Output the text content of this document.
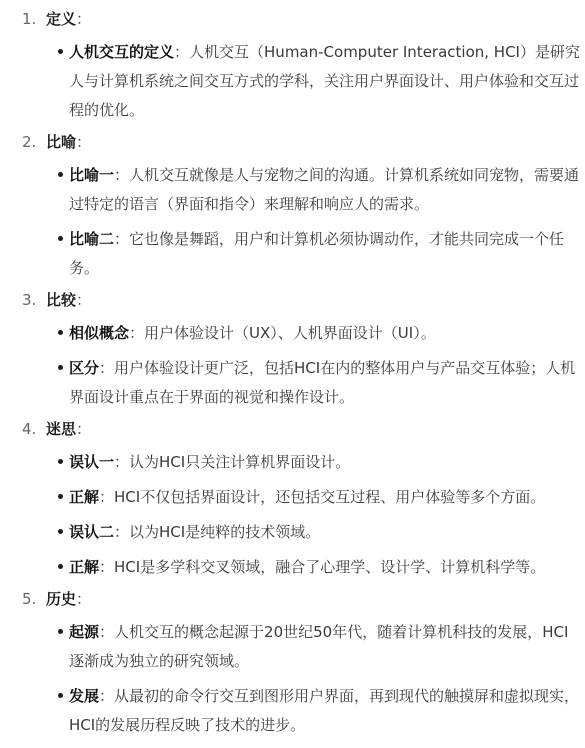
1. 定义：
人机交互的定义：人机交互（Human-Computer Interaction, HCI）是研究人与计算机系统之间交互方式的学科，关注用户界面设计、用户体验和交互过程的优化。
2. 比喻：
比喻一：人机交互就像是人与宠物之间的沟通。计算机系统如同宠物，需要通过特定的语言（界面和指令）来理解和响应人的需求。
比喻二：它也像是舞蹈，用户和计算机必须协调动作，才能共同完成一个任务。
3. 比较：
相似概念：用户体验设计（UX）、人机界面设计（UI）。
区分：用户体验设计更广泛，包括HCI在内的整体用户与产品交互体验；人机界面设计重点在于界面的视觉和操作设计。
4. 迷思：
误认一：认为HCI只关注计算机界面设计。
正解：HCI不仅包括界面设计，还包括交互过程、用户体验等多个方面。
误认二：以为HCI是纯粹的技术领域。
正解：HCI是多学科交叉领域，融合了心理学、设计学、计算机科学等。
5. 历史：
起源：人机交互的概念起源于20世纪50年代，随着计算机科技的发展，HCI逐渐成为独立的研究领域。
发展：从最初的命令行交互到图形用户界面，再到现代的触摸屏和虚拟现实，HCI的发展历程反映了技术的进步。
